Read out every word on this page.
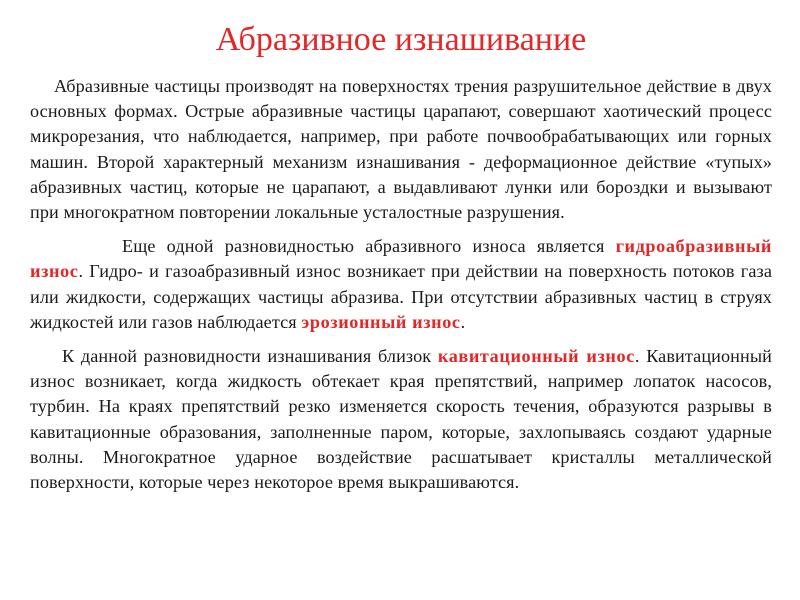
Абразивное изнашивание

Абразивные частицы производят на поверхностях трения разрушительное действие в двух основных формах. Острые абразивные частицы царапают, совершают хаотический процесс микрорезания, что наблюдается, например, при работе почвообрабатывающих или горных машин. Второй характерный механизм изнашивания - деформационное действие «тупых» абразивных частиц, которые не царапают, а выдавливают лунки или бороздки и вызывают при многократном повторении локальные усталостные разрушения.

Еще одной разновидностью абразивного износа является гидроабразивный износ. Гидро- и газоабразивный износ возникает при действии на поверхность потоков газа или жидкости, содержащих частицы абразива. При отсутствии абразивных частиц в струях жидкостей или газов наблюдается эрозионный износ.

К данной разновидности изнашивания близок кавитационный износ. Кавитационный износ возникает, когда жидкость обтекает края препятствий, например лопаток насосов, турбин. На краях препятствий резко изменяется скорость течения, образуются разрывы в кавитационные образования, заполненные паром, которые, захлопываясь создают ударные волны. Многократное ударное воздействие расшатывает кристаллы металлической поверхности, которые через некоторое время выкрашиваются.
